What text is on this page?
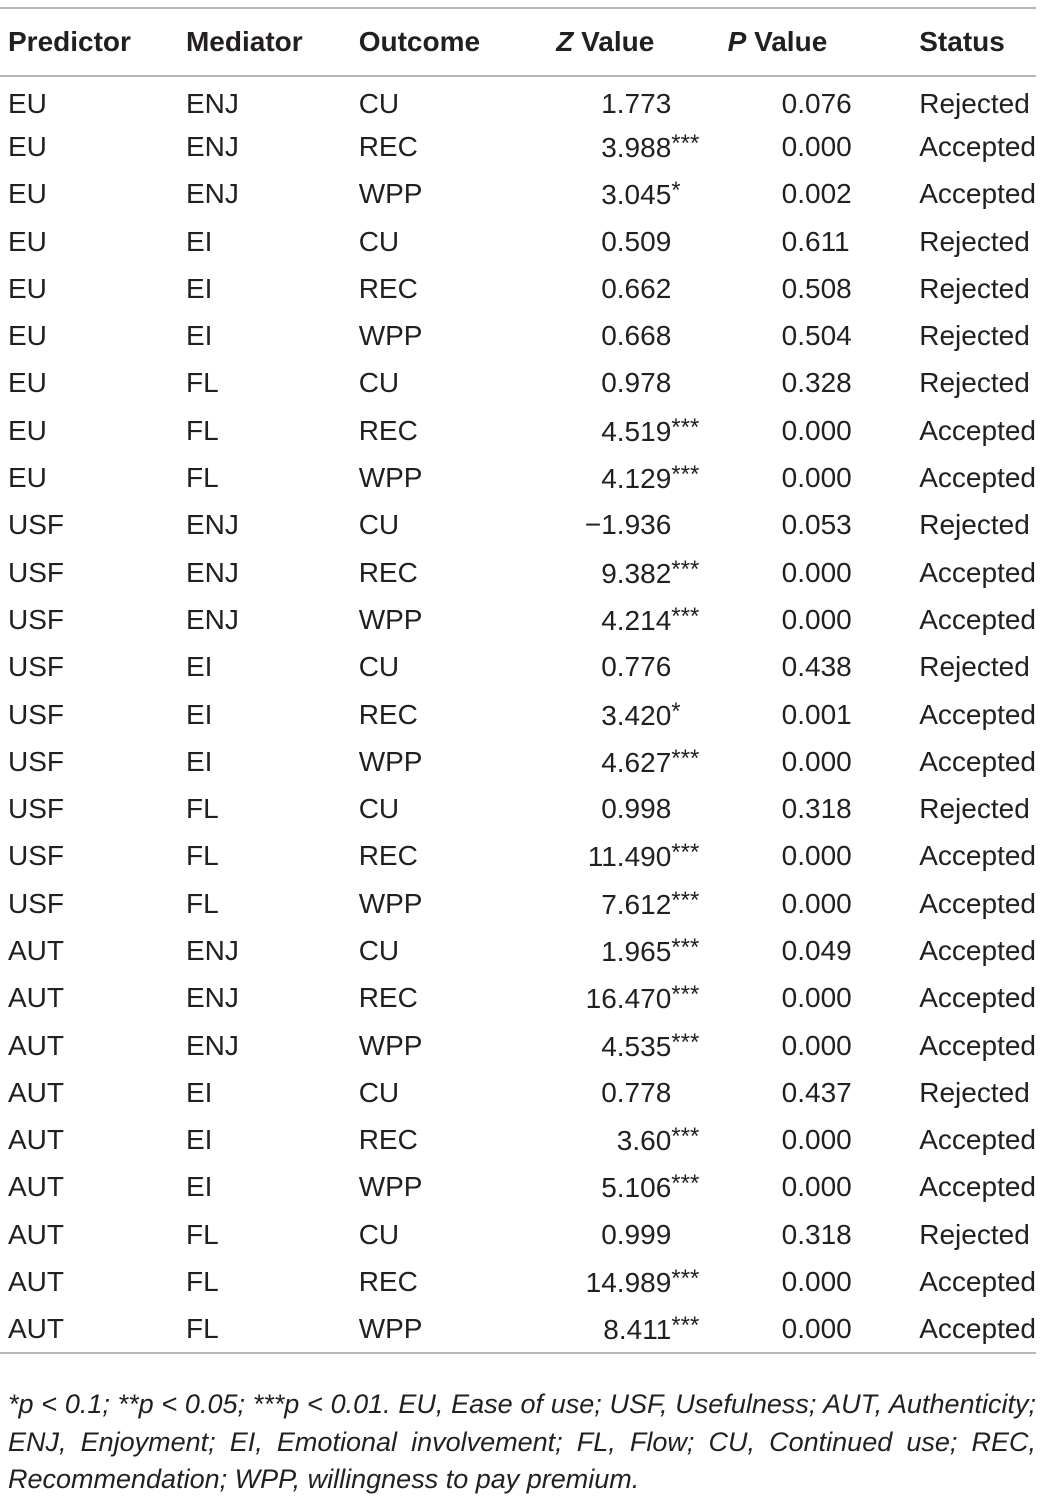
Predictor	Mediator	Outcome	Z Value	P Value	Status
EU	ENJ	CU	1.773	0.076	Rejected
EU	ENJ	REC	3.988***	0.000	Accepted
EU	ENJ	WPP	3.045*	0.002	Accepted
EU	EI	CU	0.509	0.611	Rejected
EU	EI	REC	0.662	0.508	Rejected
EU	EI	WPP	0.668	0.504	Rejected
EU	FL	CU	0.978	0.328	Rejected
EU	FL	REC	4.519***	0.000	Accepted
EU	FL	WPP	4.129***	0.000	Accepted
USF	ENJ	CU	−1.936	0.053	Rejected
USF	ENJ	REC	9.382***	0.000	Accepted
USF	ENJ	WPP	4.214***	0.000	Accepted
USF	EI	CU	0.776	0.438	Rejected
USF	EI	REC	3.420*	0.001	Accepted
USF	EI	WPP	4.627***	0.000	Accepted
USF	FL	CU	0.998	0.318	Rejected
USF	FL	REC	11.490***	0.000	Accepted
USF	FL	WPP	7.612***	0.000	Accepted
AUT	ENJ	CU	1.965***	0.049	Accepted
AUT	ENJ	REC	16.470***	0.000	Accepted
AUT	ENJ	WPP	4.535***	0.000	Accepted
AUT	EI	CU	0.778	0.437	Rejected
AUT	EI	REC	3.60***	0.000	Accepted
AUT	EI	WPP	5.106***	0.000	Accepted
AUT	FL	CU	0.999	0.318	Rejected
AUT	FL	REC	14.989***	0.000	Accepted
AUT	FL	WPP	8.411***	0.000	Accepted
*p < 0.1; **p < 0.05; ***p < 0.01. EU, Ease of use; USF, Usefulness; AUT, Authenticity; ENJ, Enjoyment; EI, Emotional involvement; FL, Flow; CU, Continued use; REC, Recommendation; WPP, willingness to pay premium.
